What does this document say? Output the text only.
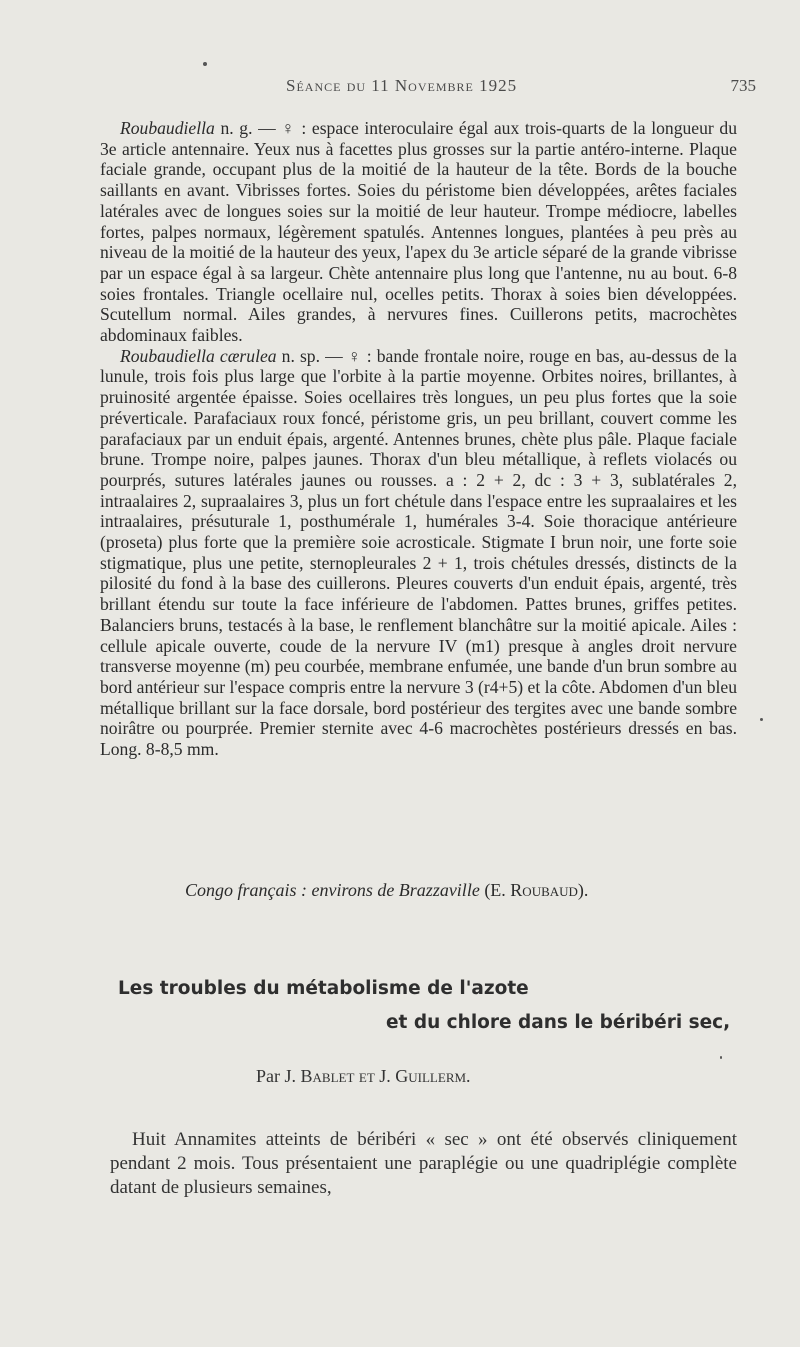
Séance du 11 Novembre 1925	735

Roubaudiella n. g. — ♀ : espace interoculaire égal aux trois-quarts de la longueur du 3e article antennaire. Yeux nus à facettes plus grosses sur la partie antéro-interne. Plaque faciale grande, occupant plus de la moitié de la hauteur de la tête. Bords de la bouche saillants en avant. Vibrisses fortes. Soies du péristome bien développées, arêtes faciales latérales avec de longues soies sur la moitié de leur hauteur. Trompe médiocre, labelles fortes, palpes normaux, légèrement spatulés. Antennes longues, plantées à peu près au niveau de la moitié de la hauteur des yeux, l'apex du 3e article séparé de la grande vibrisse par un espace égal à sa largeur. Chète antennaire plus long que l'antenne, nu au bout. 6-8 soies frontales. Triangle ocellaire nul, ocelles petits. Thorax à soies bien développées. Scutellum normal. Ailes grandes, à nervures fines. Cuillerons petits, macrochètes abdominaux faibles.

Roubaudiella cærulea n. sp. — ♀ : bande frontale noire, rouge en bas, au-dessus de la lunule, trois fois plus large que l'orbite à la partie moyenne. Orbites noires, brillantes, à pruinosité argentée épaisse. Soies ocellaires très longues, un peu plus fortes que la soie préverticale. Parafaciaux roux foncé, péristome gris, un peu brillant, couvert comme les parafaciaux par un enduit épais, argenté. Antennes brunes, chète plus pâle. Plaque faciale brune. Trompe noire, palpes jaunes. Thorax d'un bleu métallique, à reflets violacés ou pourprés, sutures latérales jaunes ou rousses. a : 2 + 2, dc : 3 + 3, sublatérales 2, intraalaires 2, supraalaires 3, plus un fort chétule dans l'espace entre les supraalaires et les intraalaires, présuturale 1, posthumérale 1, humérales 3-4. Soie thoracique antérieure (proseta) plus forte que la première soie acrosticale. Stigmate I brun noir, une forte soie stigmatique, plus une petite, sternopleurales 2 + 1, trois chétules dressés, distincts de la pilosité du fond à la base des cuillerons. Pleures couverts d'un enduit épais, argenté, très brillant étendu sur toute la face inférieure de l'abdomen. Pattes brunes, griffes petites. Balanciers bruns, testacés à la base, le renflement blanchâtre sur la moitié apicale. Ailes : cellule apicale ouverte, coude de la nervure IV (m1) presque à angles droit nervure transverse moyenne (m) peu courbée, membrane enfumée, une bande d'un brun sombre au bord antérieur sur l'espace compris entre la nervure 3 (r4+5) et la côte. Abdomen d'un bleu métallique brillant sur la face dorsale, bord postérieur des tergites avec une bande sombre noirâtre ou pourprée. Premier sternite avec 4-6 macrochètes postérieurs dressés en bas. Long. 8-8,5 mm.

Congo français : environs de Brazzaville (E. Roubaud).
Les troubles du métabolisme de l'azote
et du chlore dans le béribéri sec,
Par J. Bablet et J. Guillerm.

Huit Annamites atteints de béribéri « sec » ont été observés cliniquement pendant 2 mois. Tous présentaient une paraplégie ou une quadriplégie complète datant de plusieurs semaines,
